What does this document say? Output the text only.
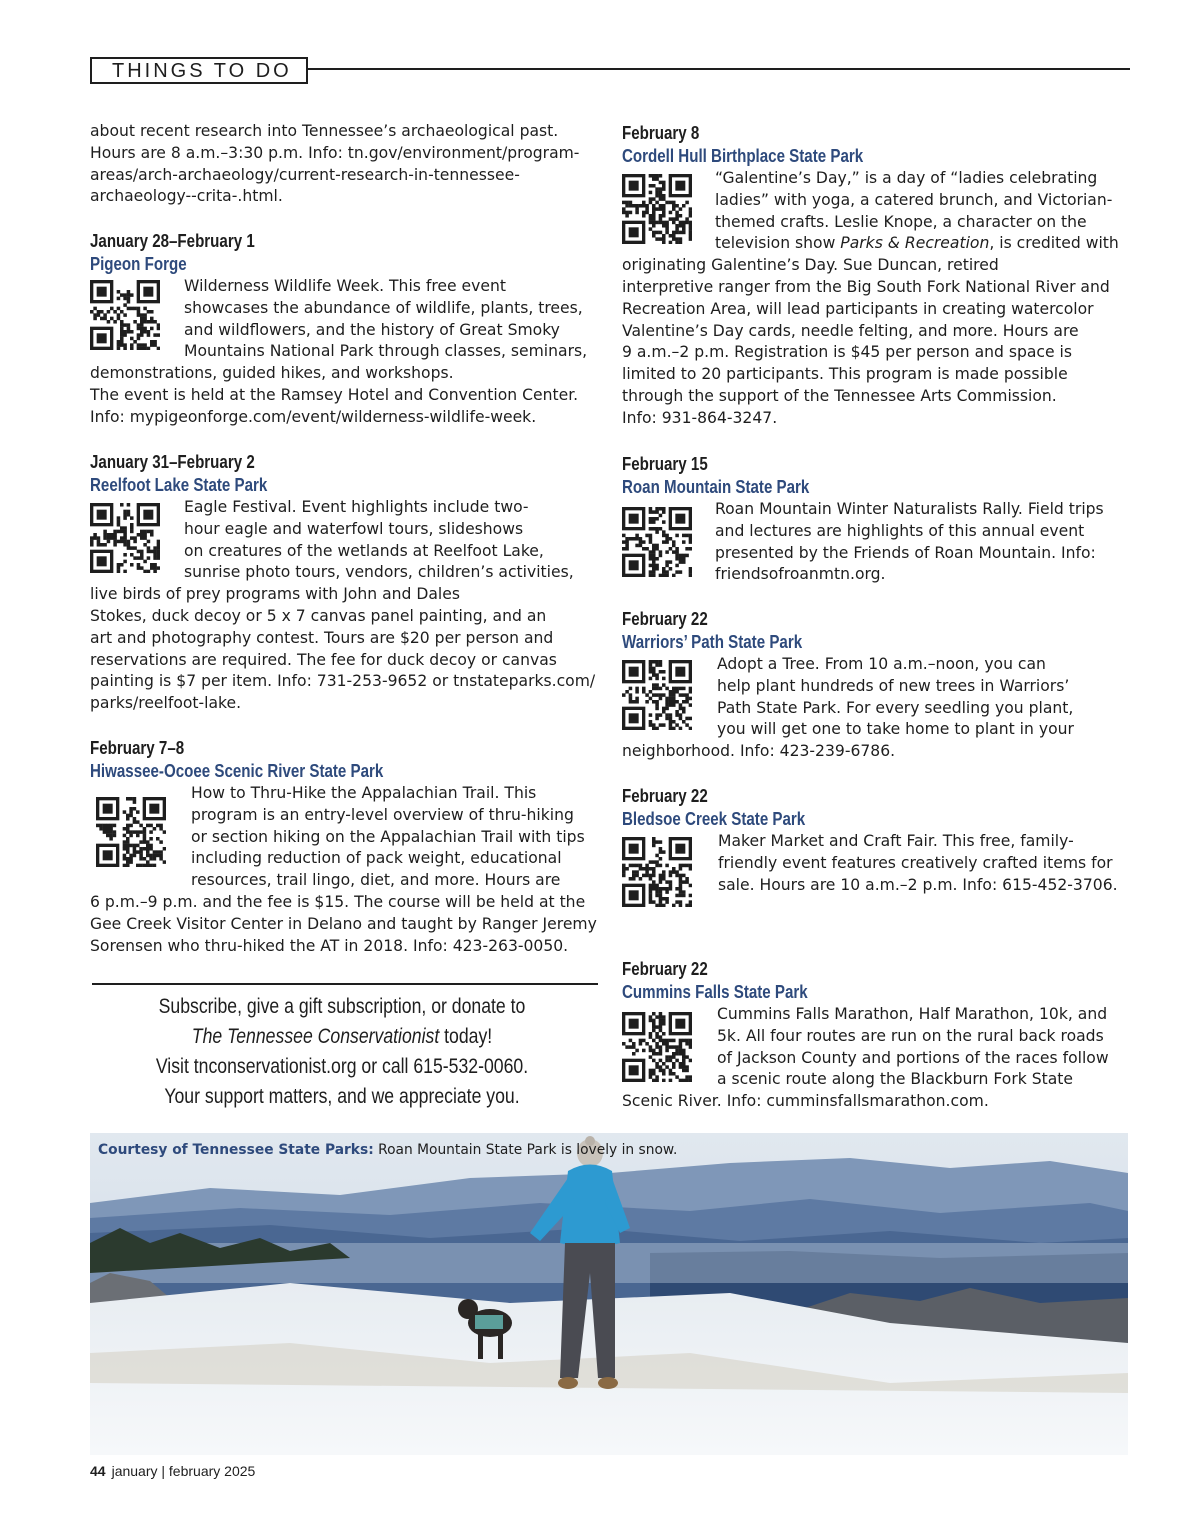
THINGS TO DO
about recent research into Tennessee’s archaeological past.
Hours are 8 a.m.–3:30 p.m. Info: tn.gov/environment/program-
areas/arch-archaeology/current-research-in-tennessee-
archaeology--crita-.html.

January 28–February 1

Pigeon Forge

Wilderness Wildlife Week. This free event
showcases the abundance of wildlife, plants, trees,
and wildflowers, and the history of Great Smoky
Mountains National Park through classes, seminars,
demonstrations, guided hikes, and workshops.
The event is held at the Ramsey Hotel and Convention Center.
Info: mypigeonforge.com/event/wilderness-wildlife-week.

January 31–February 2

Reelfoot Lake State Park

Eagle Festival. Event highlights include two-
hour eagle and waterfowl tours, slideshows
on creatures of the wetlands at Reelfoot Lake,
sunrise photo tours, vendors, children’s activities,
live birds of prey programs with John and Dales
Stokes, duck decoy or 5 x 7 canvas panel painting, and an
art and photography contest. Tours are $20 per person and
reservations are required. The fee for duck decoy or canvas
painting is $7 per item. Info: 731-253-9652 or tnstateparks.com/
parks/reelfoot-lake.

February 7–8

Hiwassee-Ocoee Scenic River State Park

How to Thru-Hike the Appalachian Trail. This
program is an entry-level overview of thru-hiking
or section hiking on the Appalachian Trail with tips
including reduction of pack weight, educational
resources, trail lingo, diet, and more. Hours are
6 p.m.–9 p.m. and the fee is $15. The course will be held at the
Gee Creek Visitor Center in Delano and taught by Ranger Jeremy
Sorensen who thru-hiked the AT in 2018. Info: 423-263-0050.

February 8

Cordell Hull Birthplace State Park

“Galentine’s Day,” is a day of “ladies celebrating
ladies” with yoga, a catered brunch, and Victorian-
themed crafts. Leslie Knope, a character on the
television show Parks & Recreation, is credited with
originating Galentine’s Day. Sue Duncan, retired
interpretive ranger from the Big South Fork National River and
Recreation Area, will lead participants in creating watercolor
Valentine’s Day cards, needle felting, and more. Hours are
9 a.m.–2 p.m. Registration is $45 per person and space is
limited to 20 participants. This program is made possible
through the support of the Tennessee Arts Commission.
Info: 931-864-3247.

February 15

Roan Mountain State Park

Roan Mountain Winter Naturalists Rally. Field trips
and lectures are highlights of this annual event
presented by the Friends of Roan Mountain. Info:
friendsofroanmtn.org.

February 22

Warriors’ Path State Park

Adopt a Tree. From 10 a.m.–noon, you can
help plant hundreds of new trees in Warriors’
Path State Park. For every seedling you plant,
you will get one to take home to plant in your
neighborhood. Info: 423-239-6786.

February 22

Bledsoe Creek State Park

Maker Market and Craft Fair. This free, family-
friendly event features creatively crafted items for
sale. Hours are 10 a.m.–2 p.m. Info: 615-452-3706.

February 22

Cummins Falls State Park

Cummins Falls Marathon, Half Marathon, 10k, and
5k. All four routes are run on the rural back roads
of Jackson County and portions of the races follow
a scenic route along the Blackburn Fork State
Scenic River. Info: cumminsfallsmarathon.com.
Subscribe, give a gift subscription, or donate to
The Tennessee Conservationist today!
Visit tnconservationist.org or call 615-532-0060.
Your support matters, and we appreciate you.
Courtesy of Tennessee State Parks: Roan Mountain State Park is lovely in snow.
44 january | february 2025
